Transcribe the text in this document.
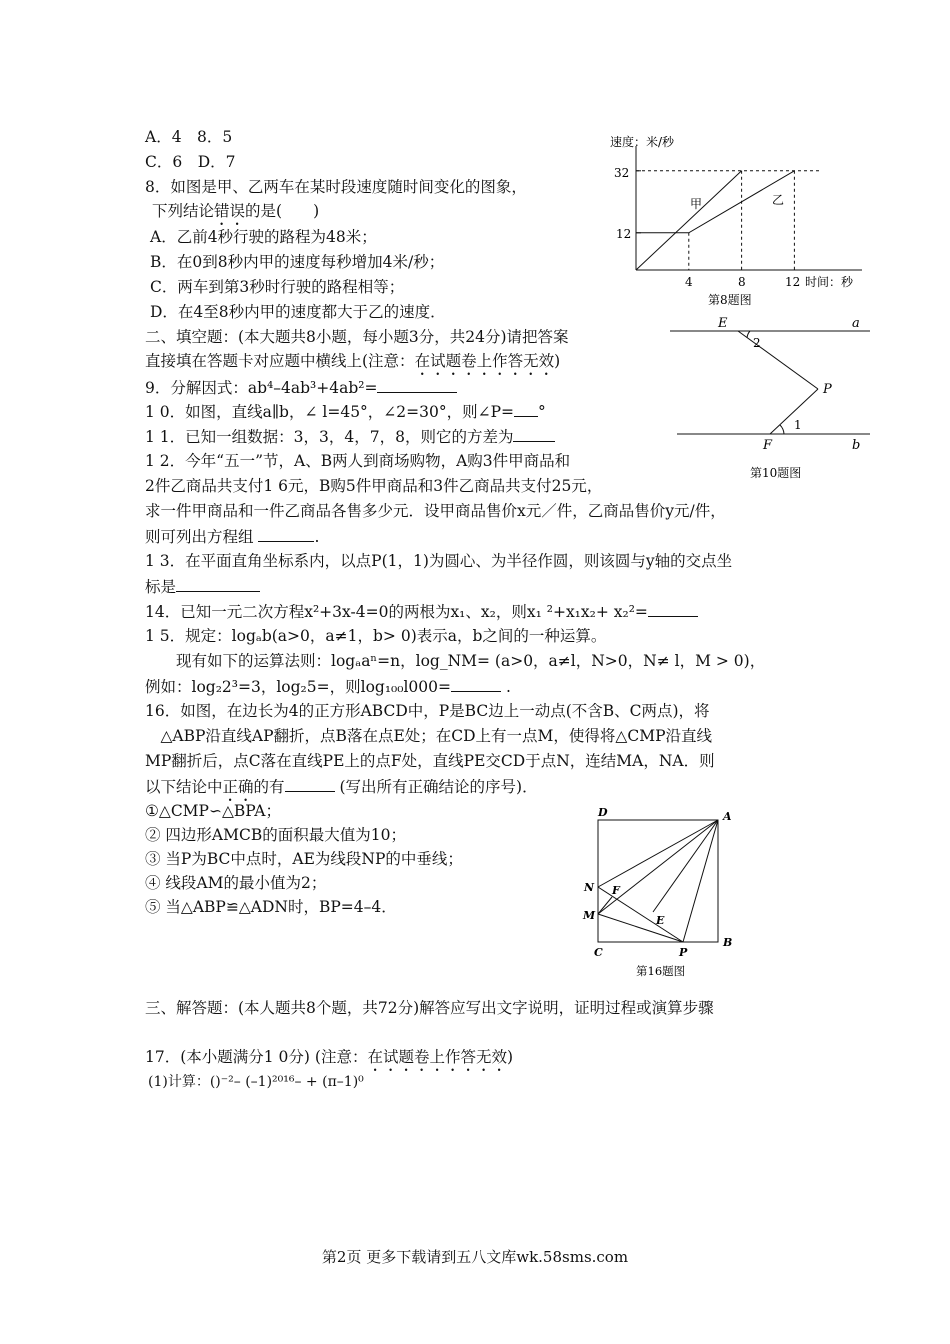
A．4　8．5
C．6　D．7
8．如图是甲、乙两车在某时段速度随时间变化的图象，
下列结论错误的是(　　)
A．乙前4秒行驶的路程为48米；
B．在0到8秒内甲的速度每秒增加4米/秒；
C．两车到第3秒时行驶的路程相等；
D．在4至8秒内甲的速度都大于乙的速度．
二、填空题：(本大题共8小题，每小题3分，共24分)请把答案
直接填在答题卡对应题中横线上(注意：在试题卷上作答无效)
9．分解因式：ab⁴–4ab³+4ab²=
1 0．如图，直线a∥b，∠ l=45°，∠2=30°，则∠P= °
1 1．已知一组数据：3，3，4，7，8，则它的方差为
1 2．今年“五一”节，A、B两人到商场购物，A购3件甲商品和
2件乙商品共支付1 6元，B购5件甲商品和3件乙商品共支付25元，
求一件甲商品和一件乙商品各售多少元．设甲商品售价x元／件，乙商品售价y元/件，
则可列出方程组	.
1 3．在平面直角坐标系内，以点P(1，1)为圆心、为半径作圆，则该圆与y轴的交点坐
标是
14．已知一元二次方程x²+3x-4=0的两根为x₁、x₂，则x₁ ²+x₁x₂+ x₂²=
1 5．规定：logₐb(a>0，a≠1，b> 0)表示a，b之间的一种运算。
　　现有如下的运算法则：logₐaⁿ=n，log_NM= (a>0，a≠l，N>0，N≠ l，M > 0)，
例如：log₂2³=3，log₂5=，则log₁₀₀l000=	.
16．如图，在边长为4的正方形ABCD中，P是BC边上一动点(不含B、C两点)，将
　△ABP沿直线AP翻折，点B落在点E处；在CD上有一点M，使得将△CMP沿直线
MP翻折后，点C落在直线PE上的点F处，直线PE交CD于点N，连结MA，NA．则
以下结论中正确的有	(写出所有正确结论的序号)．
①△CMP∽△BPA；
② 四边形AMCB的面积最大值为10；
③ 当P为BC中点时，AE为线段NP的中垂线；
④ 线段AM的最小值为2；
⑤ 当△ABP≌△ADN时，BP=4–4．
三、解答题：(本人题共8个题，共72分)解答应写出文字说明，证明过程或演算步骤
17．(本小题满分1 0分) (注意：在试题卷上作答无效)
(1)计算：()⁻²– (–1)²⁰¹⁶– + (π–1)⁰
速度：米/秒
32
12
4	8	12 时间：秒
甲	乙
第8题图
E	a
2
P
1
F	b
第10题图
D	A
N F
M	E
C	P
B
第16题图
第2页 更多下载请到五八文库wk.58sms.com
